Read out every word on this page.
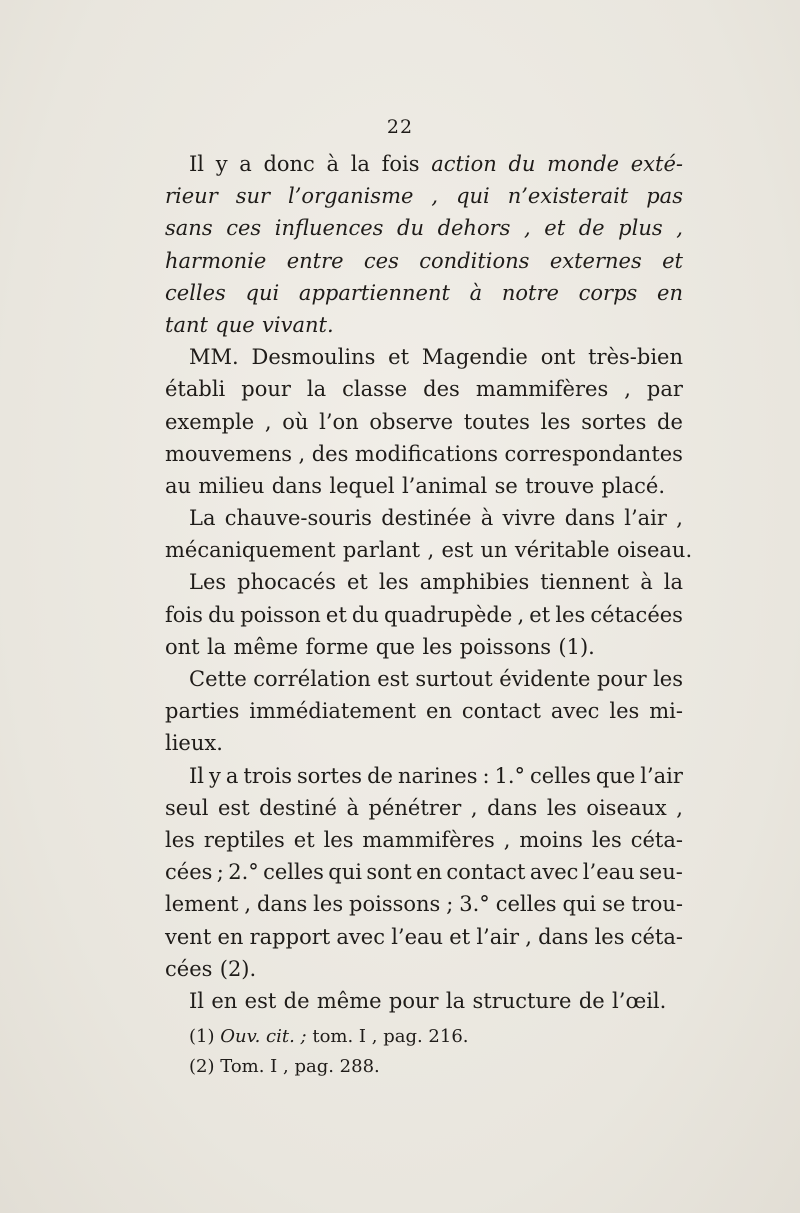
22
Il y a donc à la fois action du monde exté-
rieur sur l’organisme , qui n’existerait pas
sans ces influences du dehors , et de plus ,
harmonie entre ces conditions externes et
celles qui appartiennent à notre corps en
tant que vivant.
MM. Desmoulins et Magendie ont très-bien
établi pour la classe des mammifères , par
exemple , où l’on observe toutes les sortes de
mouvemens , des modifications correspondantes
au milieu dans lequel l’animal se trouve placé.
La chauve-souris destinée à vivre dans l’air ,
mécaniquement parlant , est un véritable oiseau.
Les phocacés et les amphibies tiennent à la
fois du poisson et du quadrupède , et les cétacées
ont la même forme que les poissons (1).
Cette corrélation est surtout évidente pour les
parties immédiatement en contact avec les mi-
lieux.
Il y a trois sortes de narines : 1.° celles que l’air
seul est destiné à pénétrer , dans les oiseaux ,
les reptiles et les mammifères , moins les céta-
cées ; 2.° celles qui sont en contact avec l’eau seu-
lement , dans les poissons ; 3.° celles qui se trou-
vent en rapport avec l’eau et l’air , dans les céta-
cées (2).
Il en est de même pour la structure de l’œil.
(1) Ouv. cit. ; tom. I , pag. 216.
(2) Tom. I , pag. 288.
